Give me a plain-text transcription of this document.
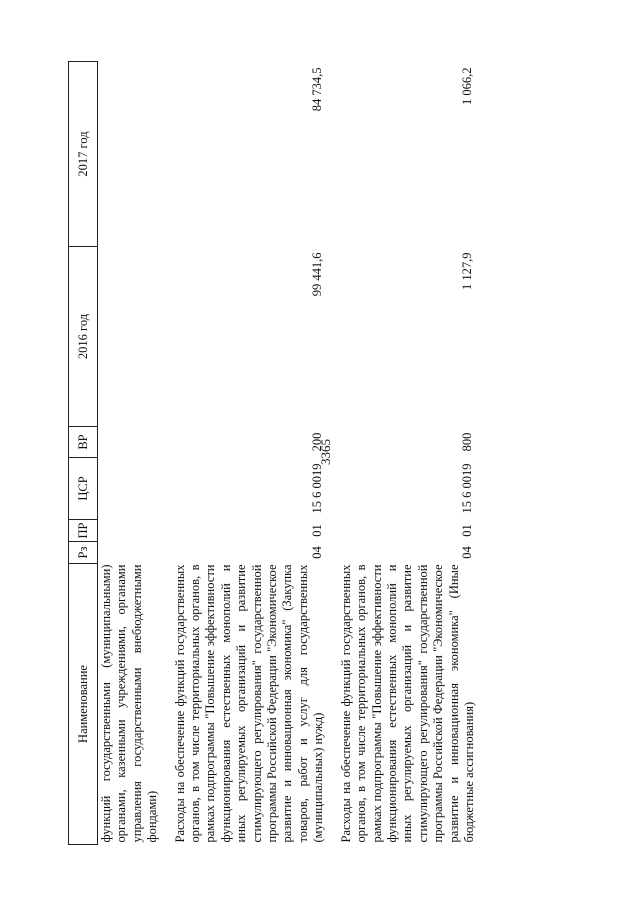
3365
Наименование	Рз	ПР	ЦСР	ВР	2016 год	2017 год
функций государственными (муниципальными) органами, казенными учреждениями, органами управления государственными внебюджетными фондами)						
Расходы на обеспечение функций государственных органов, в том числе территориальных органов, в рамках подпрограммы "Повышение эффективности функционирования естественных монополий и иных регулируемых организаций и развитие стимулирующего регулирования" государственной программы Российской Федерации "Экономическое развитие и инновационная экономика" (Закупка товаров, работ и услуг для государственных (муниципальных) нужд)	04	01	15 6 0019	200	99 441,6	84 734,5
Расходы на обеспечение функций государственных органов, в том числе территориальных органов, в рамках подпрограммы "Повышение эффективности функционирования естественных монополий и иных регулируемых организаций и развитие стимулирующего регулирования" государственной программы Российской Федерации "Экономическое развитие и инновационная экономика" (Иные бюджетные ассигнования)	04	01	15 6 0019	800	1 127,9	1 066,2
